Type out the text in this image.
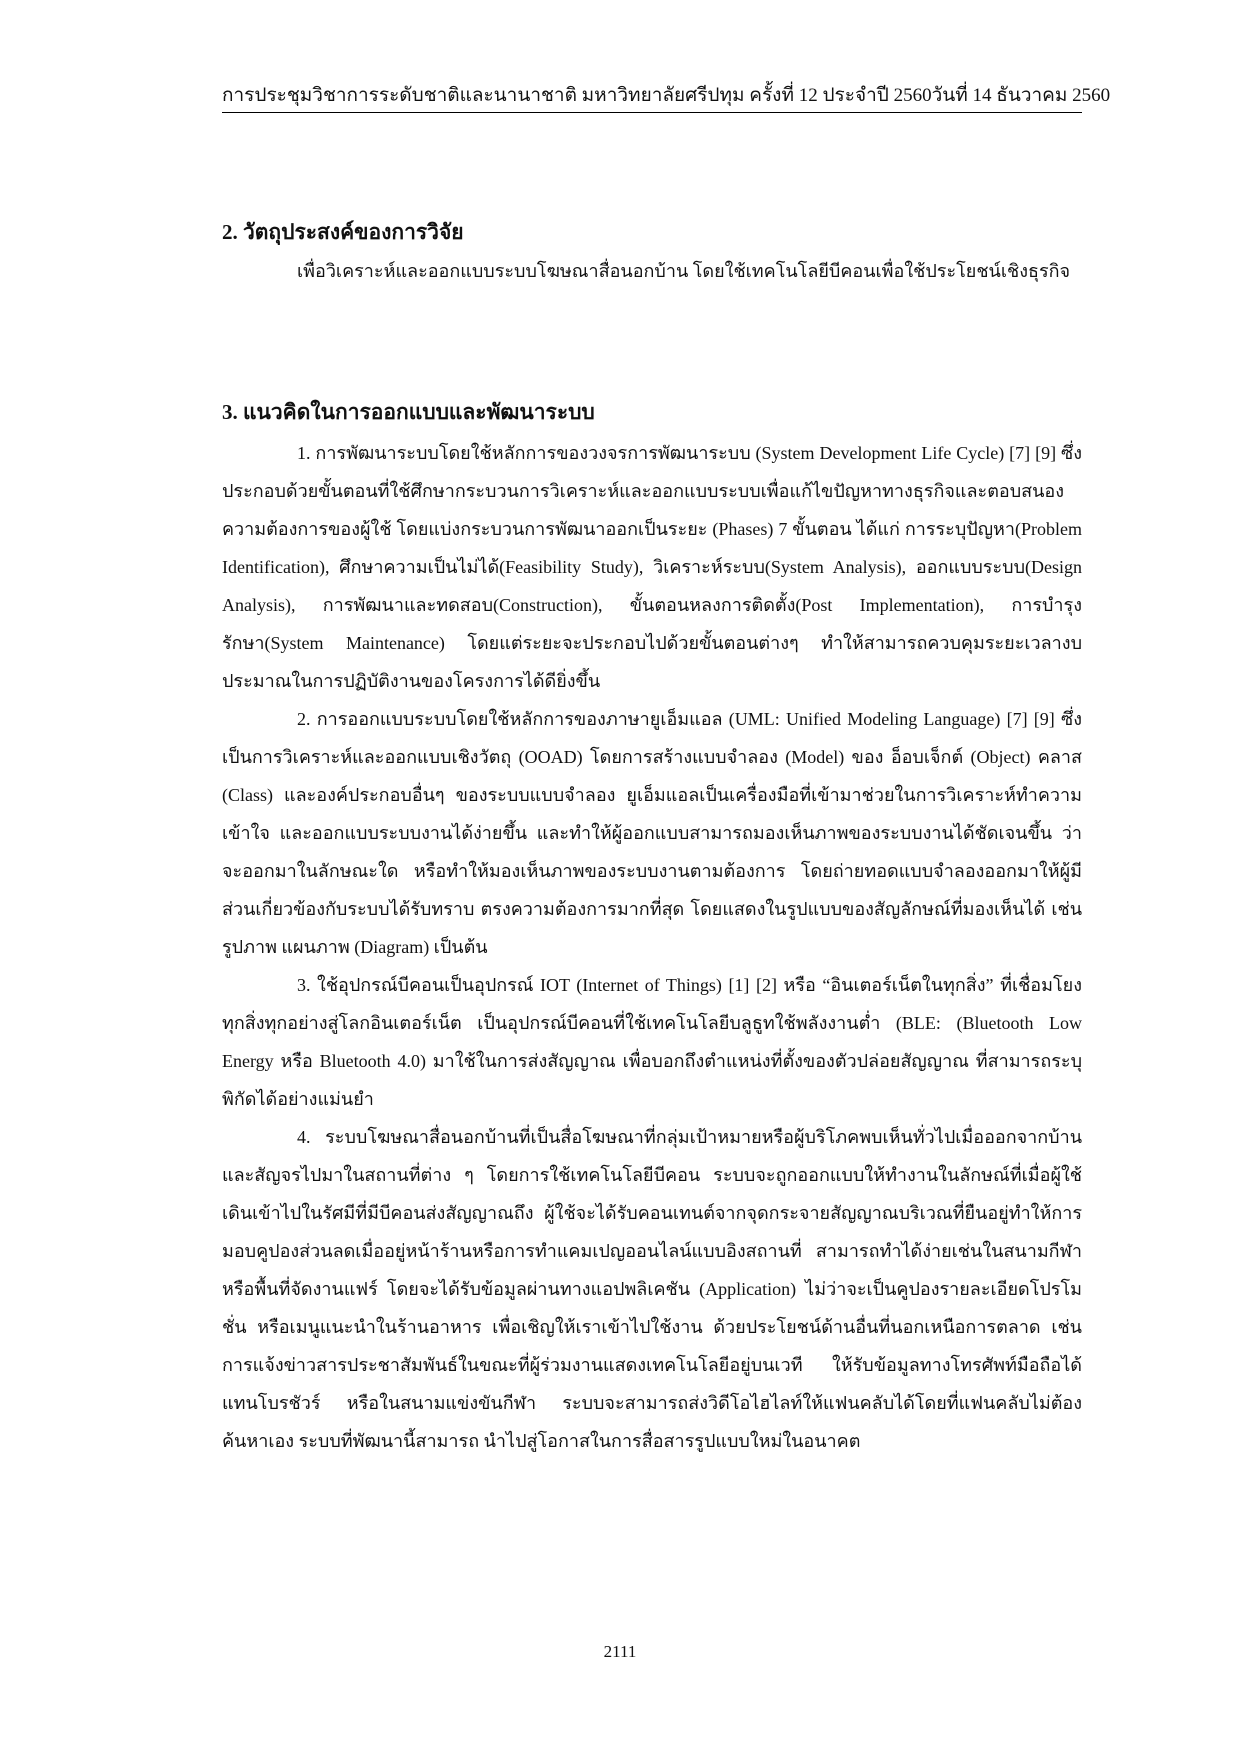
การประชุมวิชาการระดับชาติและนานาชาติ มหาวิทยาลัยศรีปทุม ครั้งที่ 12 ประจำปี 2560 วันที่ 14 ธันวาคม 2560
2. วัตถุประสงค์ของการวิจัย

เพื่อวิเคราะห์และออกแบบระบบโฆษณาสื่อนอกบ้าน โดยใช้เทคโนโลยีบีคอนเพื่อใช้ประโยชน์เชิงธุรกิจ

3. แนวคิดในการออกแบบและพัฒนาระบบ

1. การพัฒนาระบบโดยใช้หลักการของวงจรการพัฒนาระบบ (System Development Life Cycle) [7] [9] ซึ่งประกอบด้วยขั้นตอนที่ใช้ศึกษากระบวนการวิเคราะห์และออกแบบระบบเพื่อแก้ไขปัญหาทางธุรกิจและตอบสนองความต้องการของผู้ใช้ โดยแบ่งกระบวนการพัฒนาออกเป็นระยะ (Phases) 7 ขั้นตอน ได้แก่ การระบุปัญหา(Problem Identification), ศึกษาความเป็นไม่ได้(Feasibility Study), วิเคราะห์ระบบ(System Analysis), ออกแบบระบบ(Design Analysis), การพัฒนาและทดสอบ(Construction), ขั้นตอนหลงการติดตั้ง(Post Implementation), การบำรุงรักษา(System Maintenance) โดยแต่ระยะจะประกอบไปด้วยขั้นตอนต่างๆ ทำให้สามารถควบคุมระยะเวลางบประมาณในการปฏิบัติงานของโครงการได้ดียิ่งขึ้น

2. การออกแบบระบบโดยใช้หลักการของภาษายูเอ็มแอล (UML: Unified Modeling Language) [7] [9] ซึ่งเป็นการวิเคราะห์และออกแบบเชิงวัตถุ (OOAD) โดยการสร้างแบบจำลอง (Model) ของ อ็อบเจ็กต์ (Object) คลาส (Class) และองค์ประกอบอื่นๆ ของระบบแบบจำลอง ยูเอ็มแอลเป็นเครื่องมือที่เข้ามาช่วยในการวิเคราะห์ทำความเข้าใจ และออกแบบระบบงานได้ง่ายขึ้น และทำให้ผู้ออกแบบสามารถมองเห็นภาพของระบบงานได้ชัดเจนขึ้น ว่าจะออกมาในลักษณะใด หรือทำให้มองเห็นภาพของระบบงานตามต้องการ โดยถ่ายทอดแบบจำลองออกมาให้ผู้มีส่วนเกี่ยวข้องกับระบบได้รับทราบ ตรงความต้องการมากที่สุด โดยแสดงในรูปแบบของสัญลักษณ์ที่มองเห็นได้ เช่น รูปภาพ แผนภาพ (Diagram) เป็นต้น

3. ใช้อุปกรณ์บีคอนเป็นอุปกรณ์ IOT (Internet of Things) [1] [2] หรือ “อินเตอร์เน็ตในทุกสิ่ง” ที่เชื่อมโยงทุกสิ่งทุกอย่างสู่โลกอินเตอร์เน็ต เป็นอุปกรณ์บีคอนที่ใช้เทคโนโลยีบลูธูทใช้พลังงานต่ำ (BLE: (Bluetooth Low Energy หรือ Bluetooth 4.0) มาใช้ในการส่งสัญญาณ เพื่อบอกถึงตำแหน่งที่ตั้งของตัวปล่อยสัญญาณ ที่สามารถระบุพิกัดได้อย่างแม่นยำ

4. ระบบโฆษณาสื่อนอกบ้านที่เป็นสื่อโฆษณาที่กลุ่มเป้าหมายหรือผู้บริโภคพบเห็นทั่วไปเมื่อออกจากบ้านและสัญจรไปมาในสถานที่ต่าง ๆ โดยการใช้เทคโนโลยีบีคอน ระบบจะถูกออกแบบให้ทำงานในลักษณ์ที่เมื่อผู้ใช้เดินเข้าไปในรัศมีที่มีบีคอนส่งสัญญาณถึง ผู้ใช้จะได้รับคอนเทนต์จากจุดกระจายสัญญาณบริเวณที่ยืนอยู่ทำให้การมอบคูปองส่วนลดเมื่ออยู่หน้าร้านหรือการทำแคมเปญออนไลน์แบบอิงสถานที่ สามารถทำได้ง่ายเช่นในสนามกีฬาหรือพื้นที่จัดงานแฟร์ โดยจะได้รับข้อมูลผ่านทางแอปพลิเคชัน (Application) ไม่ว่าจะเป็นคูปองรายละเอียดโปรโมชั่น หรือเมนูแนะนำในร้านอาหาร เพื่อเชิญให้เราเข้าไปใช้งาน ด้วยประโยชน์ด้านอื่นที่นอกเหนือการตลาด เช่น การแจ้งข่าวสารประชาสัมพันธ์ในขณะที่ผู้ร่วมงานแสดงเทคโนโลยีอยู่บนเวที ให้รับข้อมูลทางโทรศัพท์มือถือได้แทนโบรชัวร์ หรือในสนามแข่งขันกีฬา ระบบจะสามารถส่งวิดีโอไฮไลท์ให้แฟนคลับได้โดยที่แฟนคลับไม่ต้องค้นหาเอง ระบบที่พัฒนานี้สามารถ นำไปสู่โอกาสในการสื่อสารรูปแบบใหม่ในอนาคต

2111
